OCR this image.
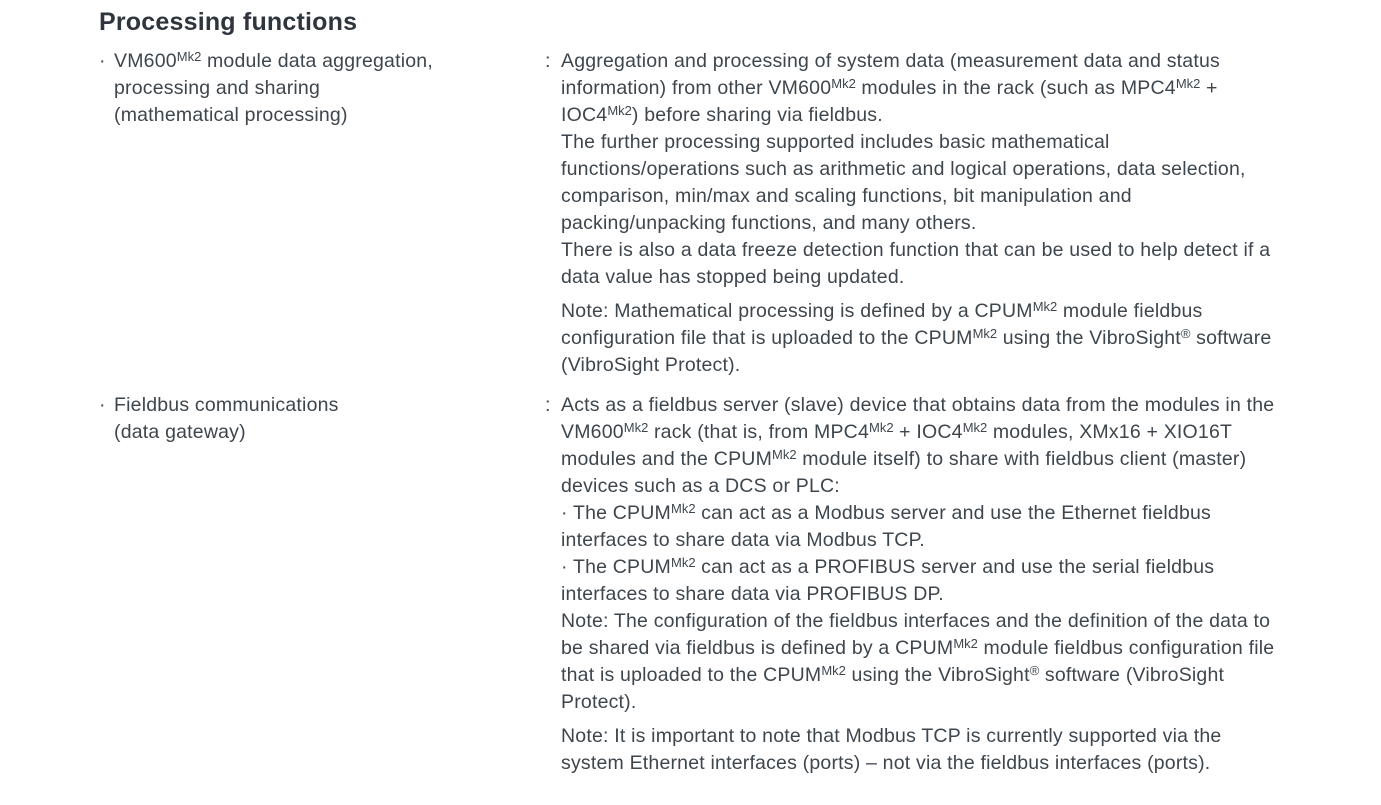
Processing functions
· $VM600^{Mk2}$ module data aggregation,
processing and sharing
(mathematical processing)
: Aggregation and processing of system data (measurement data and status information) from other $VM600^{Mk2}$ modules in the rack (such as $MPC4^{Mk2} + IOC4^{Mk2}$) before sharing via fieldbus.

The further processing supported includes basic mathematical functions/operations such as arithmetic and logical operations, data selection, comparison, min/max and scaling functions, bit manipulation and packing/unpacking functions, and many others.

There is also a data freeze detection function that can be used to help detect if a data value has stopped being updated.

Note: Mathematical processing is defined by a $CPUM^{Mk2}$ module fieldbus configuration file that is uploaded to the $CPUM^{Mk2}$ using the VibroSight® software (VibroSight Protect).

· Fieldbus communications
(data gateway)
: Acts as a fieldbus server (slave) device that obtains data from the modules in the $VM600^{Mk2}$ rack (that is, from $MPC4^{Mk2} + IOC4^{Mk2}$ modules, XMx16 + XIO16T modules and the $CPUM^{Mk2}$ module itself) to share with fieldbus client (master) devices such as a DCS or PLC:

· The $CPUM^{Mk2}$ can act as a Modbus server and use the Ethernet fieldbus interfaces to share data via Modbus TCP.

· The $CPUM^{Mk2}$ can act as a PROFIBUS server and use the serial fieldbus interfaces to share data via PROFIBUS DP.

Note: The configuration of the fieldbus interfaces and the definition of the data to be shared via fieldbus is defined by a $CPUM^{Mk2}$ module fieldbus configuration file that is uploaded to the $CPUM^{Mk2}$ using the VibroSight® software (VibroSight Protect).

Note: It is important to note that Modbus TCP is currently supported via the system Ethernet interfaces (ports) – not via the fieldbus interfaces (ports).
